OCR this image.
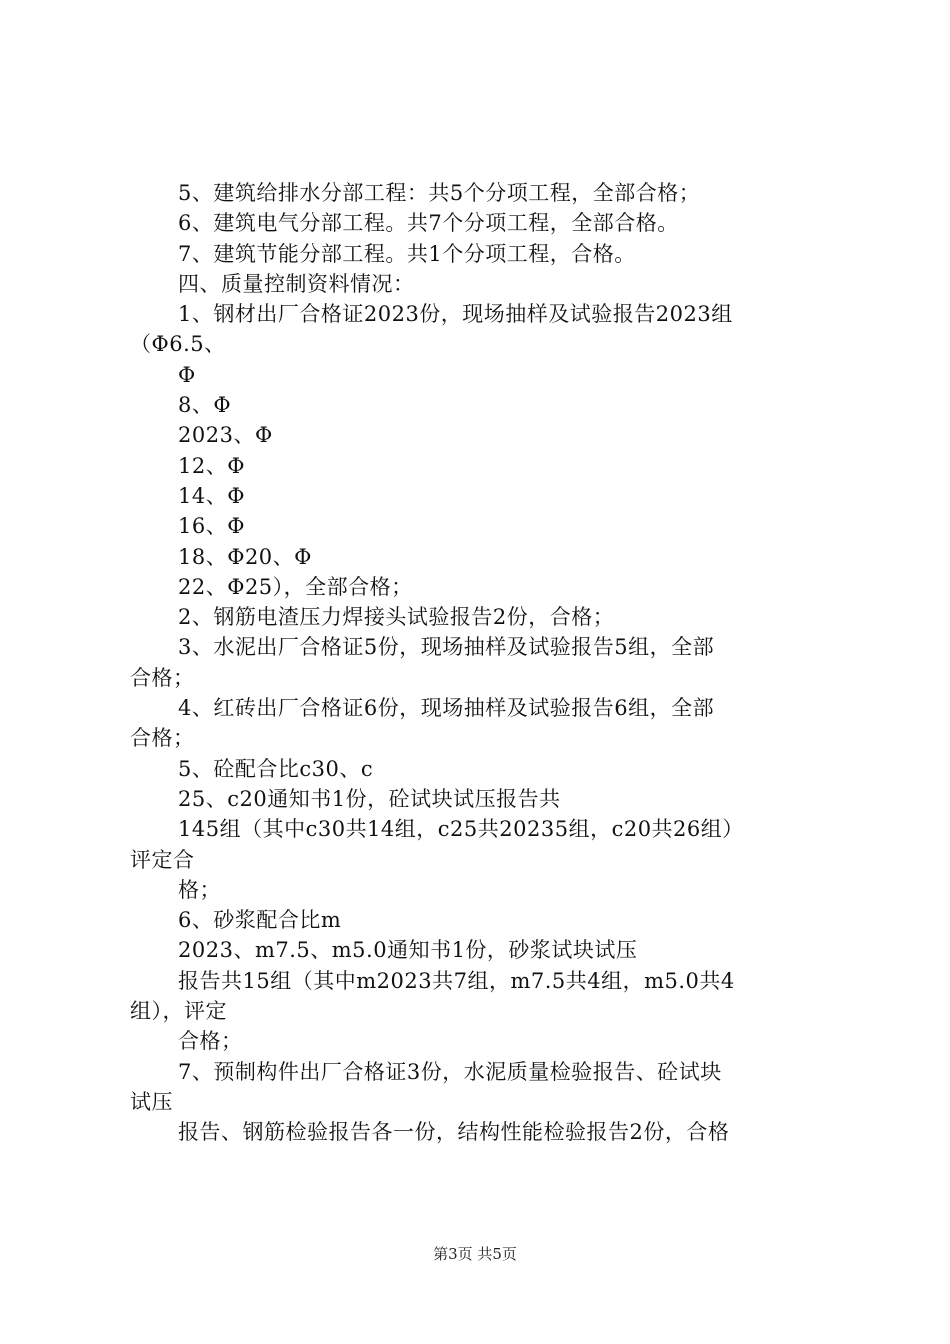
5、建筑给排水分部工程：共5个分项工程，全部合格；
6、建筑电气分部工程。共7个分项工程，全部合格。
7、建筑节能分部工程。共1个分项工程，合格。
四、质量控制资料情况：
1、钢材出厂合格证2023份，现场抽样及试验报告2023组
（Φ6.5、
Φ
8、Φ
2023、Φ
12、Φ
14、Φ
16、Φ
18、Φ20、Φ
22、Φ25），全部合格；
2、钢筋电渣压力焊接头试验报告2份，合格；
3、水泥出厂合格证5份，现场抽样及试验报告5组，全部
合格；
4、红砖出厂合格证6份，现场抽样及试验报告6组，全部
合格；
5、砼配合比c30、c
25、c20通知书1份，砼试块试压报告共
145组（其中c30共14组，c25共20235组，c20共26组）
评定合
格；
6、砂浆配合比m
2023、m7.5、m5.0通知书1份，砂浆试块试压
报告共15组（其中m2023共7组，m7.5共4组，m5.0共4
组），评定
合格；
7、预制构件出厂合格证3份，水泥质量检验报告、砼试块
试压
报告、钢筋检验报告各一份，结构性能检验报告2份，合格
第3页 共5页
